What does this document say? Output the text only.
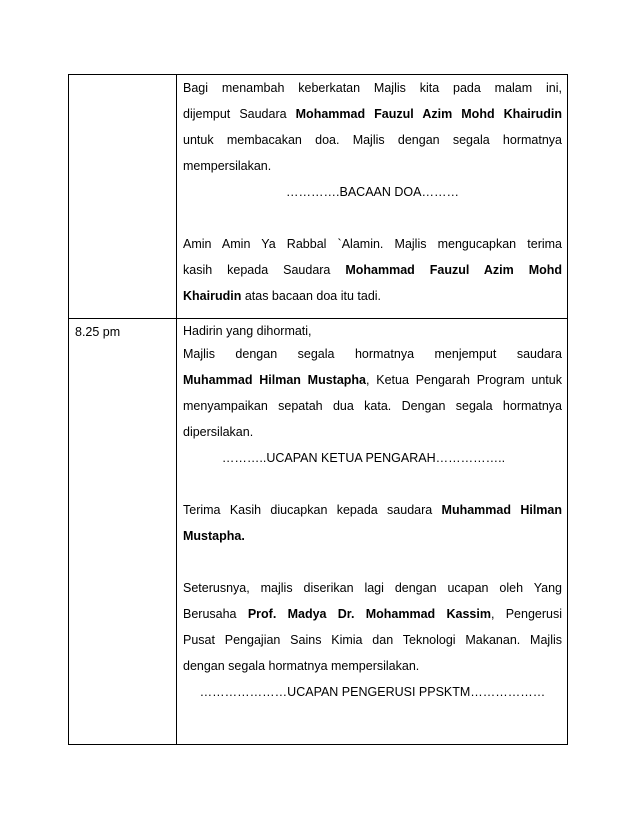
Bagi menambah keberkatan Majlis kita pada malam ini,

dijemput Saudara Mohammad Fauzul Azim Mohd Khairudin

untuk membacakan doa. Majlis dengan segala hormatnya

mempersilakan.

………….BACAAN DOA………

Amin Amin Ya Rabbal `Alamin. Majlis mengucapkan terima

kasih kepada Saudara Mohammad Fauzul Azim Mohd

Khairudin atas bacaan doa itu tadi.

8.25 pm	Hadirin yang dihormati,

Majlis dengan segala hormatnya menjemput saudara

Muhammad Hilman Mustapha, Ketua Pengarah Program untuk

menyampaikan sepatah dua kata. Dengan segala hormatnya

dipersilakan.

………..UCAPAN KETUA PENGARAH……………..

Terima Kasih diucapkan kepada saudara Muhammad Hilman

Mustapha.

Seterusnya, majlis diserikan lagi dengan ucapan oleh Yang

Berusaha Prof. Madya Dr. Mohammad Kassim, Pengerusi

Pusat Pengajian Sains Kimia dan Teknologi Makanan. Majlis

dengan segala hormatnya mempersilakan.

…………………UCAPAN PENGERUSI PPSKTM………………
